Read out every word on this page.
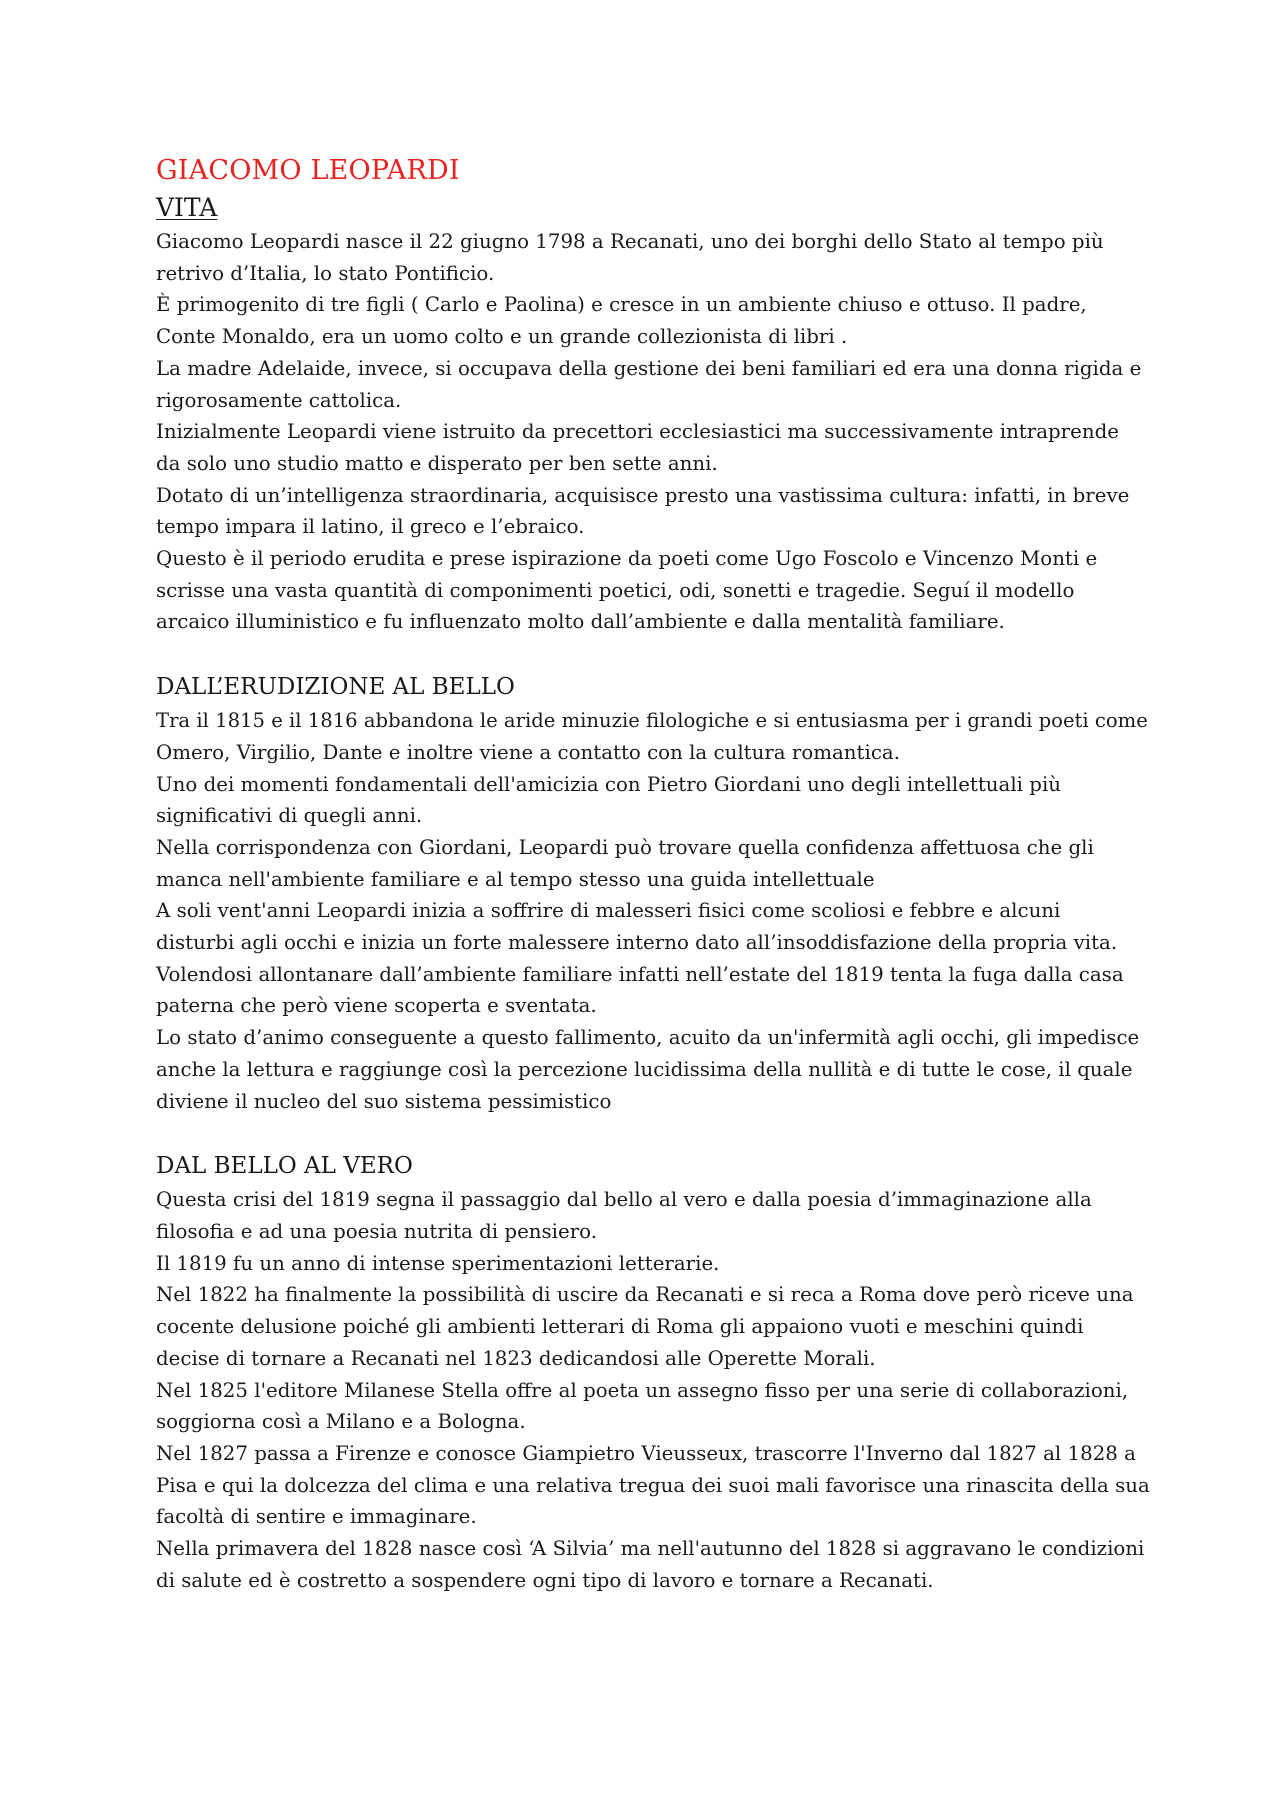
GIACOMO LEOPARDI
VITA

Giacomo Leopardi nasce il 22 giugno 1798 a Recanati, uno dei borghi dello Stato al tempo più

retrivo d’Italia, lo stato Pontificio.

È primogenito di tre figli ( Carlo e Paolina) e cresce in un ambiente chiuso e ottuso. Il padre,

Conte Monaldo, era un uomo colto e un grande collezionista di libri .

La madre Adelaide, invece, si occupava della gestione dei beni familiari ed era una donna rigida e

rigorosamente cattolica.

Inizialmente Leopardi viene istruito da precettori ecclesiastici ma successivamente intraprende

da solo uno studio matto e disperato per ben sette anni.

Dotato di un’intelligenza straordinaria, acquisisce presto una vastissima cultura: infatti, in breve

tempo impara il latino, il greco e l’ebraico.

Questo è il periodo erudita e prese ispirazione da poeti come Ugo Foscolo e Vincenzo Monti e

scrisse una vasta quantità di componimenti poetici, odi, sonetti e tragedie. Seguí il modello

arcaico illuministico e fu influenzato molto dall’ambiente e dalla mentalità familiare.

DALL’ERUDIZIONE AL BELLO

Tra il 1815 e il 1816 abbandona le aride minuzie filologiche e si entusiasma per i grandi poeti come

Omero, Virgilio, Dante e inoltre viene a contatto con la cultura romantica.

Uno dei momenti fondamentali dell'amicizia con Pietro Giordani uno degli intellettuali più

significativi di quegli anni.

Nella corrispondenza con Giordani, Leopardi può trovare quella confidenza affettuosa che gli

manca nell'ambiente familiare e al tempo stesso una guida intellettuale

A soli vent'anni Leopardi inizia a soffrire di malesseri fisici come scoliosi e febbre e alcuni

disturbi agli occhi e inizia un forte malessere interno dato all’insoddisfazione della propria vita.

Volendosi allontanare dall’ambiente familiare infatti nell’estate del 1819 tenta la fuga dalla casa

paterna che però viene scoperta e sventata.

Lo stato d’animo conseguente a questo fallimento, acuito da un'infermità agli occhi, gli impedisce

anche la lettura e raggiunge così la percezione lucidissima della nullità e di tutte le cose, il quale

diviene il nucleo del suo sistema pessimistico

DAL BELLO AL VERO

Questa crisi del 1819 segna il passaggio dal bello al vero e dalla poesia d’immaginazione alla

filosofia e ad una poesia nutrita di pensiero.

Il 1819 fu un anno di intense sperimentazioni letterarie.

Nel 1822 ha finalmente la possibilità di uscire da Recanati e si reca a Roma dove però riceve una

cocente delusione poiché gli ambienti letterari di Roma gli appaiono vuoti e meschini quindi

decise di tornare a Recanati nel 1823 dedicandosi alle Operette Morali.

Nel 1825 l'editore Milanese Stella offre al poeta un assegno fisso per una serie di collaborazioni,

soggiorna così a Milano e a Bologna.

Nel 1827 passa a Firenze e conosce Giampietro Vieusseux, trascorre l'Inverno dal 1827 al 1828 a

Pisa e qui la dolcezza del clima e una relativa tregua dei suoi mali favorisce una rinascita della sua

facoltà di sentire e immaginare.

Nella primavera del 1828 nasce così ‘A Silvia’ ma nell'autunno del 1828 si aggravano le condizioni

di salute ed è costretto a sospendere ogni tipo di lavoro e tornare a Recanati.
